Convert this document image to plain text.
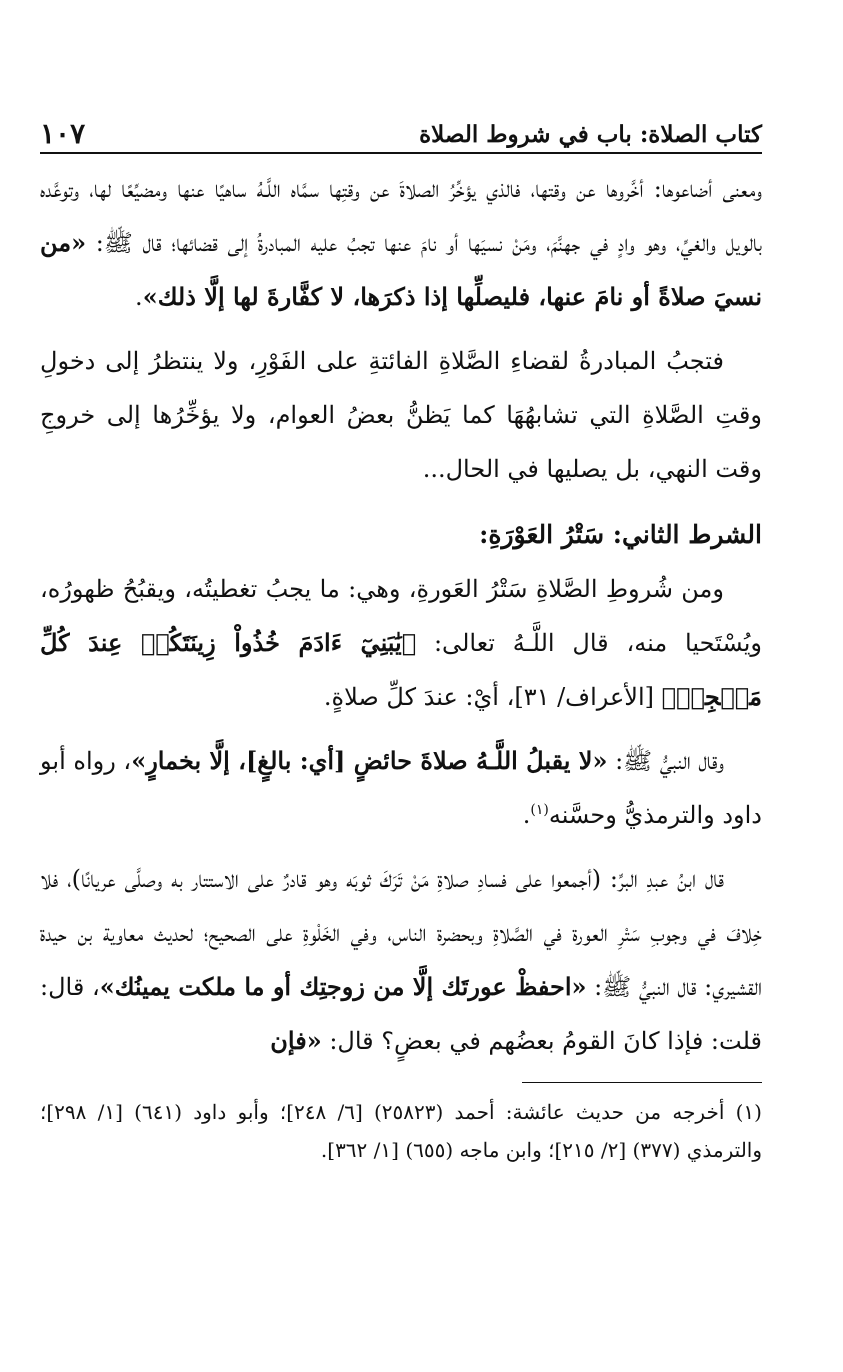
كتاب الصلاة: باب في شروط الصلاة
١٠٧

ومعنى أضاعوها: أخَّروها عن وقتها، فالذي يؤخِّرُ الصلاةَ عن وقتِها سمَّاه اللَّـهُ ساهيًا عنها ومضيِّعًا لها، وتوعَّده بالويل والغيِّ، وهو وادٍ في جهنَّمَ، ومَنْ نسيَها أو نامَ عنها تجبُ عليه المبادرةُ إلى قضائها؛ قال ﷺ: «من نسيَ صلاةً أو نامَ عنها، فليصلِّها إذا ذكرَها، لا كفَّارةَ لها إلَّا ذلك».

فتجبُ المبادرةُ لقضاءِ الصَّلاةِ الفائتةِ على الفَوْرِ، ولا ينتظرُ إلى دخولِ وقتِ الصَّلاةِ التي تشابهُهَا كما يَظنُّ بعضُ العوام، ولا يؤخِّرُها إلى خروجِ وقت النهي، بل يصليها في الحال...

الشرط الثاني: سَتْرُ العَوْرَةِ:

ومن شُروطِ الصَّلاةِ سَتْرُ العَورةِ، وهي: ما يجبُ تغطيتُه، ويقبُحُ ظهورُه، ويُسْتَحيا منه، قال اللَّـهُ تعالى: ﴿يَٰبَنِيٓ ءَادَمَ خُذُواْ زِينَتَكُمۡ عِندَ كُلِّ مَسۡجِدٖ﴾ [الأعراف/ ٣١]، أيْ: عندَ كلِّ صلاةٍ.

وقال النبيُّ ﷺ: «لا يقبلُ اللَّـهُ صلاةَ حائضٍ [أي: بالغٍ]، إلَّا بخمارٍ»، رواه أبو داود والترمذيُّ وحسَّنه$^{(١)}$.

قال ابنُ عبدِ البرِّ: (أجمعوا على فسادِ صلاةِ مَنْ تَرَكَ ثوبَه وهو قادرٌ على الاستتار به وصلَّى عريانًا)، فلا خِلافَ في وجوبِ سَتْرِ العورة في الصَّلاةِ وبحضرة الناس، وفي الخَلْوةِ على الصحيح؛ لحديث معاوية بن حيدة القشيري: قال النبيُّ ﷺ: «احفظْ عورتَك إلَّا من زوجتِك أو ما ملكت يمينُك»، قال: قلت: فإذا كانَ القومُ بعضُهم في بعضٍ؟ قال: «فإن

(١) أخرجه من حديث عائشة: أحمد (٢٥٨٢٣) [٦/ ٢٤٨]؛ وأبو داود (٦٤١) [١/ ٢٩٨]؛ والترمذي (٣٧٧) [٢/ ٢١٥]؛ وابن ماجه (٦٥٥) [١/ ٣٦٢].
